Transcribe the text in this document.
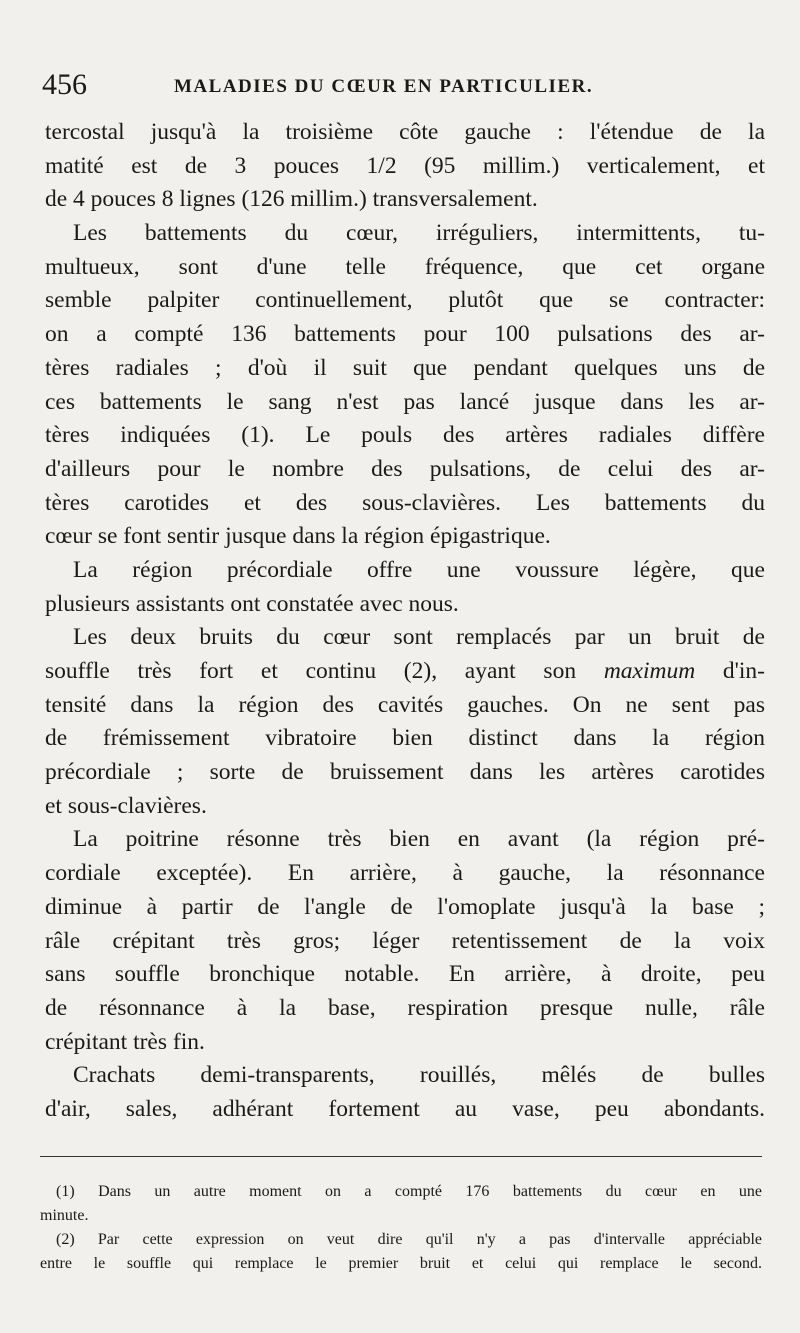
456	MALADIES DU CŒUR EN PARTICULIER.
tercostal jusqu'à la troisième côte gauche : l'étendue de la
matité est de 3 pouces 1/2 (95 millim.) verticalement, et
de 4 pouces 8 lignes (126 millim.) transversalement.
Les battements du cœur, irréguliers, intermittents, tu-
multueux, sont d'une telle fréquence, que cet organe
semble palpiter continuellement, plutôt que se contracter:
on a compté 136 battements pour 100 pulsations des ar-
tères radiales ; d'où il suit que pendant quelques uns de
ces battements le sang n'est pas lancé jusque dans les ar-
tères indiquées (1). Le pouls des artères radiales diffère
d'ailleurs pour le nombre des pulsations, de celui des ar-
tères carotides et des sous-clavières. Les battements du
cœur se font sentir jusque dans la région épigastrique.
La région précordiale offre une voussure légère, que
plusieurs assistants ont constatée avec nous.
Les deux bruits du cœur sont remplacés par un bruit de
souffle très fort et continu (2), ayant son maximum d'in-
tensité dans la région des cavités gauches. On ne sent pas
de frémissement vibratoire bien distinct dans la région
précordiale ; sorte de bruissement dans les artères carotides
et sous-clavières.
La poitrine résonne très bien en avant (la région pré-
cordiale exceptée). En arrière, à gauche, la résonnance
diminue à partir de l'angle de l'omoplate jusqu'à la base ;
râle crépitant très gros; léger retentissement de la voix
sans souffle bronchique notable. En arrière, à droite, peu
de résonnance à la base, respiration presque nulle, râle
crépitant très fin.
Crachats demi-transparents, rouillés, mêlés de bulles
d'air, sales, adhérant fortement au vase, peu abondants.
(1) Dans un autre moment on a compté 176 battements du cœur en une
minute.
(2) Par cette expression on veut dire qu'il n'y a pas d'intervalle appréciable
entre le souffle qui remplace le premier bruit et celui qui remplace le second.
